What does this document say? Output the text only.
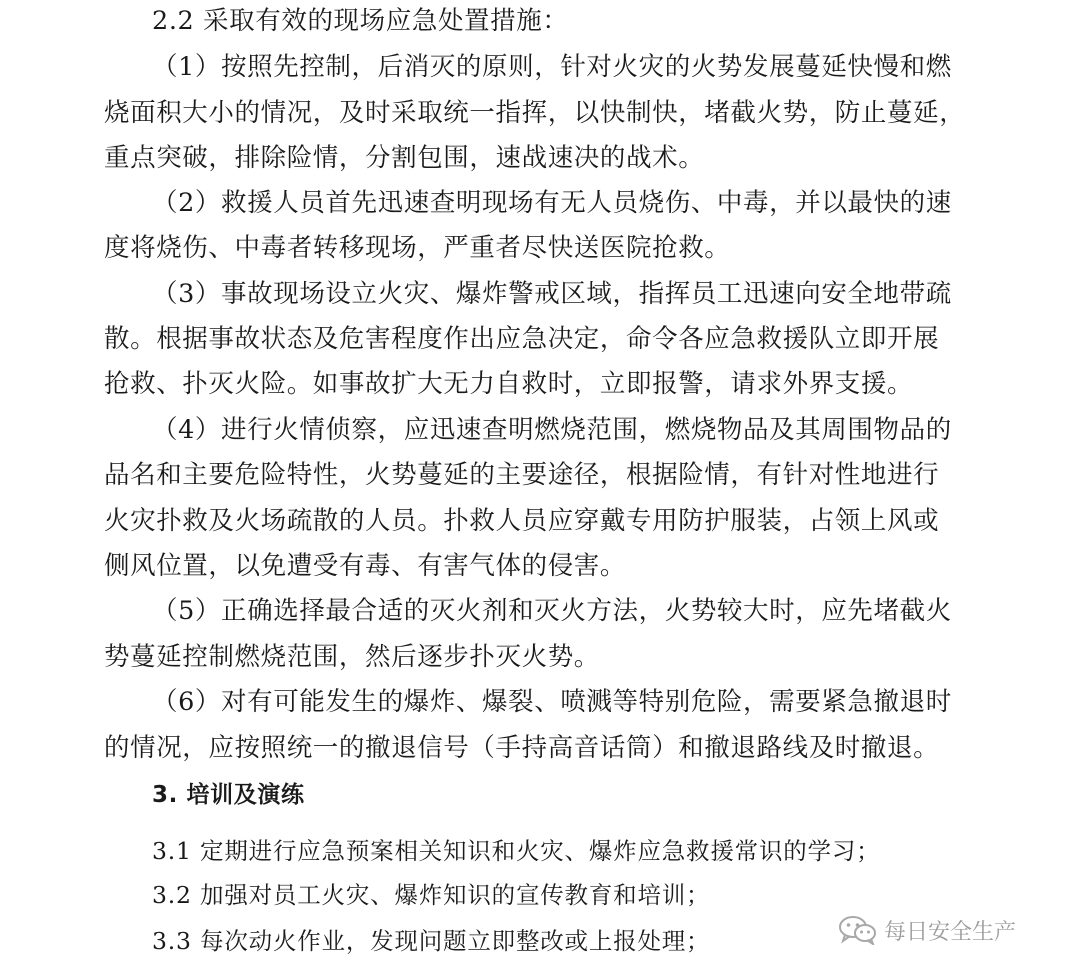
2.2 采取有效的现场应急处置措施：
（1）按照先控制，后消灭的原则，针对火灾的火势发展蔓延快慢和燃
烧面积大小的情况，及时采取统一指挥，以快制快，堵截火势，防止蔓延，
重点突破，排除险情，分割包围，速战速决的战术。
（2）救援人员首先迅速查明现场有无人员烧伤、中毒，并以最快的速
度将烧伤、中毒者转移现场，严重者尽快送医院抢救。
（3）事故现场设立火灾、爆炸警戒区域，指挥员工迅速向安全地带疏
散。根据事故状态及危害程度作出应急决定，命令各应急救援队立即开展
抢救、扑灭火险。如事故扩大无力自救时，立即报警，请求外界支援。
（4）进行火情侦察，应迅速查明燃烧范围，燃烧物品及其周围物品的
品名和主要危险特性，火势蔓延的主要途径，根据险情，有针对性地进行
火灾扑救及火场疏散的人员。扑救人员应穿戴专用防护服装，占领上风或
侧风位置，以免遭受有毒、有害气体的侵害。
（5）正确选择最合适的灭火剂和灭火方法，火势较大时，应先堵截火
势蔓延控制燃烧范围，然后逐步扑灭火势。
（6）对有可能发生的爆炸、爆裂、喷溅等特别危险，需要紧急撤退时
的情况，应按照统一的撤退信号（手持高音话筒）和撤退路线及时撤退。
3. 培训及演练
3.1 定期进行应急预案相关知识和火灾、爆炸应急救援常识的学习；
3.2 加强对员工火灾、爆炸知识的宣传教育和培训；
3.3 每次动火作业，发现问题立即整改或上报处理；	每日安全生产
